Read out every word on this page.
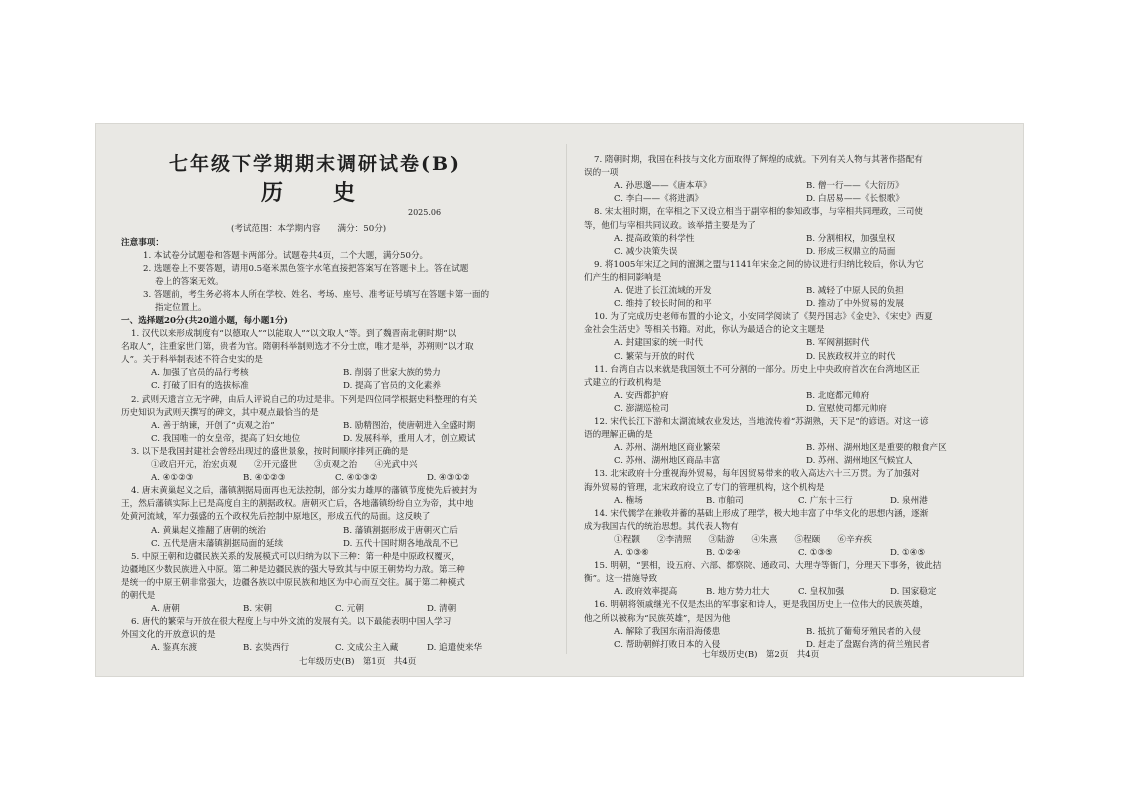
七年级下学期期末调研试卷(B)
历　史
2025.06
(考试范围：本学期内容　　满分：50分)
注意事项：
1. 本试卷分试题卷和答题卡两部分。试题卷共4页，二个大题，满分50分。
2. 选题卷上不要答题，请用0.5毫米黑色签字水笔直接把答案写在答题卡上。答在试题
卷上的答案无效。
3. 答题前，考生务必将本人所在学校、姓名、考场、座号、准考证号填写在答题卡第一面的
指定位置上。
一、选择题20分(共20道小题，每小题1分)
1. 汉代以来形成制度有“以德取人”“以能取人”“以文取人”等。到了魏晋南北朝时期“以
名取人”，注重家世门第，贵者为官。隋朝科举制则选才不分士庶，唯才是举，苏朔则“以才取
人”。关于科举制表述不符合史实的是
A. 加强了官员的品行考核	B. 削弱了世家大族的势力
C. 打破了旧有的选拔标准	D. 提高了官员的文化素养
2. 武则天遗言立无字碑，由后人评说自己的功过是非。下列是四位同学根据史料整理的有关
历史知识为武则天撰写的碑文，其中观点最恰当的是
A. 善于纳谏，开创了“贞观之治”	B. 励精图治，使唐朝进入全盛时期
C. 我国唯一的女皇帝，提高了妇女地位	D. 发展科举，重用人才，创立殿试
3. 以下是我国封建社会曾经出现过的盛世景象，按时间顺序排列正确的是
①政启开元，治宏贞观　　②开元盛世　　③贞观之治　　④光武中兴
A. ④①②③	B. ④①②③	C. ④①③②	D. ④③①②
4. 唐末黄巢起义之后，藩镇割据局面再也无法控制，部分实力雄厚的藩镇节度使先后被封为
王，然后藩镇实际上已是高度自主的割据政权。唐朝灭亡后，各地藩镇纷纷自立为帝，其中地
处黄河流域，军力强盛的五个政权先后控制中原地区，形成五代的局面。这反映了
A. 黄巢起义推翻了唐朝的统治	B. 藩镇割据形成于唐朝灭亡后
C. 五代是唐末藩镇割据局面的延续	D. 五代十国时期各地战乱不已
5. 中原王朝和边疆民族关系的发展模式可以归纳为以下三种：第一种是中原政权覆灭，
边疆地区少数民族进入中原。第二种是边疆民族的强大导致其与中原王朝势均力敌。第三种
是统一的中原王朝非常强大，边疆各族以中原民族和地区为中心而互交往。属于第二种模式
的朝代是
A. 唐朝	B. 宋朝	C. 元朝	D. 清朝
6. 唐代的繁荣与开放在很大程度上与中外文流的发展有关。以下最能表明中国人学习
外国文化的开放意识的是
A. 鉴真东渡	B. 玄奘西行	C. 文成公主入藏	D. 追遣使来华
七年级历史(B)　第1页　共4页
7. 隋朝时期，我国在科技与文化方面取得了辉煌的成就。下列有关人物与其著作搭配有
误的一项
A. 孙思邈——《唐本草》	B. 僧一行——《大衍历》
C. 李白——《将进酒》	D. 白居易——《长恨歌》
8. 宋太祖时期，在宰相之下又设立相当于副宰相的参知政事，与宰相共同理政，三司使
等，他们与宰相共同议政。该举措主要是为了
A. 提高政策的科学性	B. 分割相权，加强皇权
C. 减少决策失误	D. 形成三权鼎立的局面
9. 将1005年宋辽之间的澶渊之盟与1141年宋金之间的协议进行归纳比较后，你认为它
们产生的相同影响是
A. 促进了长江流域的开发	B. 减轻了中原人民的负担
C. 维持了较长时间的和平	D. 推动了中外贸易的发展
10. 为了完成历史老师布置的小论文，小安同学阅读了《契丹国志》《金史》、《宋史》西夏
金社会生活史》等相关书籍。对此，你认为最适合的论文主题是
A. 封建国家的统一时代	B. 军阀割据时代
C. 繁荣与开放的时代	D. 民族政权并立的时代
11. 台湾自古以来就是我国领土不可分割的一部分。历史上中央政府首次在台湾地区正
式建立的行政机构是
A. 安西都护府	B. 北庭都元帅府
C. 澎湖巡检司	D. 宣慰使司都元帅府
12. 宋代长江下游和太湖流域农业发达，当地流传着“苏湖熟，天下足”的谚语。对这一谚
语的理解正确的是
A. 苏州、湖州地区商业繁荣	B. 苏州、湖州地区是重要的粮食产区
C. 苏州、湖州地区商品丰富	D. 苏州、湖州地区气候宜人
13. 北宋政府十分重视海外贸易，每年因贸易带来的收入高达六十三万贯。为了加强对
海外贸易的管理，北宋政府设立了专门的管理机构，这个机构是
A. 権场	B. 市舶司	C. 广东十三行	D. 泉州港
14. 宋代儒学在兼收并蓄的基础上形成了理学，极大地丰富了中华文化的思想内涵，逐渐
成为我国古代的统治思想。其代表人物有
①程颢　　②李清照　　③陆游　　④朱熹　　⑤程颐　　⑥辛弃疾
A. ①③⑥	B. ①②④	C. ①③⑤	D. ①④⑤
15. 明朝，“罢相，设五府、六部、都察院、通政司、大理寺等衙门，分理天下事务，彼此拮
衡”。这一措施导致
A. 政府效率提高	B. 地方势力壮大	C. 皇权加强	D. 国家稳定
16. 明朝将领戚继光不仅是杰出的军事家和诗人，更是我国历史上一位伟大的民族英雄，
他之所以被称为“民族英雄”，是因为他
A. 解除了我国东南沿海倭患	B. 抵抗了葡萄牙殖民者的入侵
C. 帮助朝鲜打败日本的入侵	D. 赶走了盘踞台湾的荷兰殖民者
七年级历史(B)　第2页　共4页
